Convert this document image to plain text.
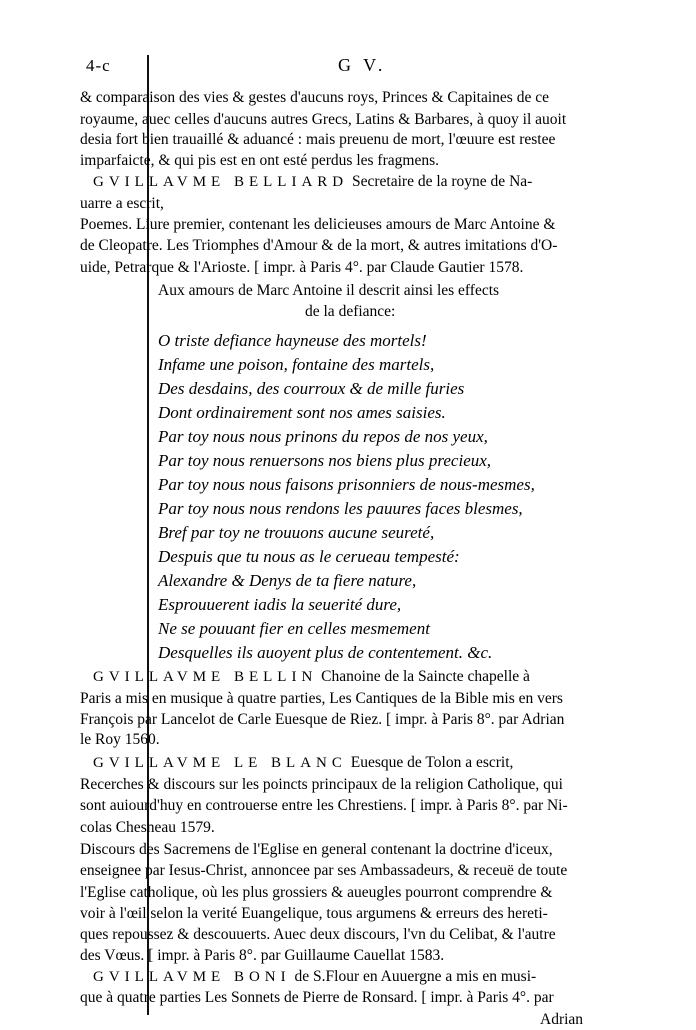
4-c	G V.
& comparaison des vies & gestes d'aucuns roys, Princes & Capitaines de ce
royaume, auec celles d'aucuns autres Grecs, Latins & Barbares, à quoy il auoit
desia fort bien trauaillé & aduancé : mais preuenu de mort, l'œuure est restee
imparfaicte, & qui pis est en ont esté perdus les fragmens.
GVILLAVME BELLIARD Secretaire de la royne de Na-
uarre a escrit,
Poemes. Liure premier, contenant les delicieuses amours de Marc Antoine &
de Cleopatre. Les Triomphes d'Amour & de la mort, & autres imitations d'O-
uide, Petrarque & l'Arioste. [ impr. à Paris 4°. par Claude Gautier 1578.
Aux amours de Marc Antoine il descrit ainsi les effects
de la defiance:
O triste defiance hayneuse des mortels!
Infame une poison, fontaine des martels,
Des desdains, des courroux & de mille furies
Dont ordinairement sont nos ames saisies.
Par toy nous nous prinons du repos de nos yeux,
Par toy nous renuersons nos biens plus precieux,
Par toy nous nous faisons prisonniers de nous-mesmes,
Par toy nous nous rendons les pauures faces blesmes,
Bref par toy ne trouuons aucune seureté,
Despuis que tu nous as le cerueau tempesté:
Alexandre & Denys de ta fiere nature,
Esprouuerent iadis la seuerité dure,
Ne se pouuant fier en celles mesmement
Desquelles ils auoyent plus de contentement. &c.
GVILLAVME BELLIN Chanoine de la Saincte chapelle à
Paris a mis en musique à quatre parties, Les Cantiques de la Bible mis en vers
François par Lancelot de Carle Euesque de Riez. [ impr. à Paris 8°. par Adrian
le Roy 1560.
GVILLAVME LE BLANC Euesque de Tolon a escrit,
Recerches & discours sur les poincts principaux de la religion Catholique, qui
sont auiourd'huy en controuerse entre les Chrestiens. [ impr. à Paris 8°. par Ni-
colas Chesneau 1579.
Discours des Sacremens de l'Eglise en general contenant la doctrine d'iceux,
enseignee par Iesus-Christ, annoncee par ses Ambassadeurs, & receuë de toute
l'Eglise catholique, où les plus grossiers & aueugles pourront comprendre &
voir à l'œil selon la verité Euangelique, tous argumens & erreurs des hereti-
ques repoussez & descouuerts. Auec deux discours, l'vn du Celibat, & l'autre
des Vœus. [ impr. à Paris 8°. par Guillaume Cauellat 1583.
GVILLAVME BONI de S.Flour en Auuergne a mis en musi-
que à quatre parties Les Sonnets de Pierre de Ronsard. [ impr. à Paris 4°. par
Adrian
